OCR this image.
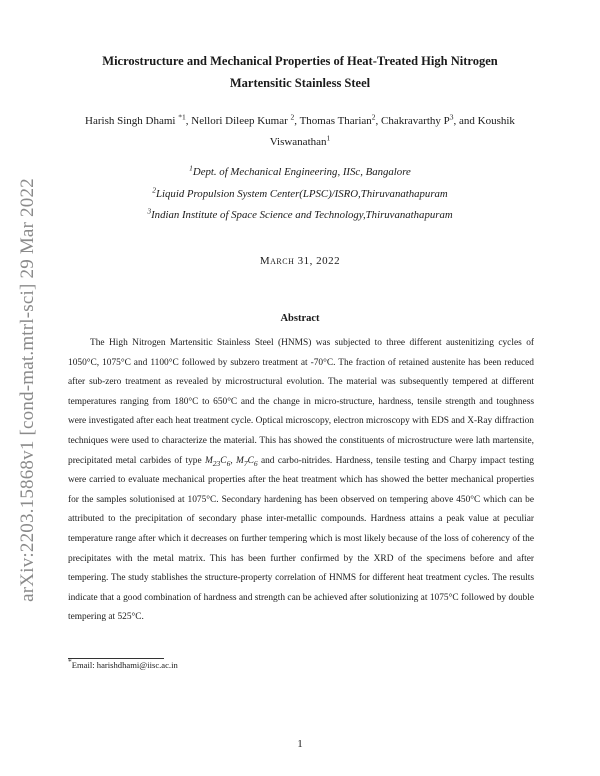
arXiv:2203.15868v1 [cond-mat.mtrl-sci] 29 Mar 2022
Microstructure and Mechanical Properties of Heat-Treated High Nitrogen
Martensitic Stainless Steel
Harish Singh Dhami $^{*1}$, Nellori Dileep Kumar $^2$, Thomas Tharian$^2$, Chakravarthy $P^3$, and Koushik
Viswanathan$^1$
$^1$Dept. of Mechanical Engineering, IISc, Bangalore
$^2$Liquid Propulsion System Center(LPSC)/ISRO,Thiruvanathapuram
$^3$Indian Institute of Space Science and Technology,Thiruvanathapuram
March 31, 2022
Abstract

The High Nitrogen Martensitic Stainless Steel (HNMS) was subjected to three different austenitizing cycles of 1050°C, 1075°C and 1100°C followed by subzero treatment at -70°C. The fraction of retained austenite has been reduced after sub-zero treatment as revealed by microstructural evolution. The material was subsequently tempered at different temperatures ranging from 180°C to 650°C and the change in micro-structure, hardness, tensile strength and toughness were investigated after each heat treatment cycle. Optical microscopy, electron microscopy with EDS and X-Ray diffraction techniques were used to characterize the material. This has showed the constituents of microstructure were lath martensite, precipitated metal carbides of type $M_{23}C_6$, $M_7C_6$ and carbo-nitrides. Hardness, tensile testing and Charpy impact testing were carried to evaluate mechanical properties after the heat treatment which has showed the better mechanical properties for the samples solutionised at 1075°C. Secondary hardening has been observed on tempering above 450°C which can be attributed to the precipitation of secondary phase inter-metallic compounds. Hardness attains a peak value at peculiar temperature range after which it decreases on further tempering which is most likely because of the loss of coherency of the precipitates with the metal matrix. This has been further confirmed by the XRD of the specimens before and after tempering. The study stablishes the structure-property correlation of HNMS for different heat treatment cycles. The results indicate that a good combination of hardness and strength can be achieved after solutionizing at 1075°C followed by double tempering at 525°C.

*Email: harishdhami@iisc.ac.in
1
